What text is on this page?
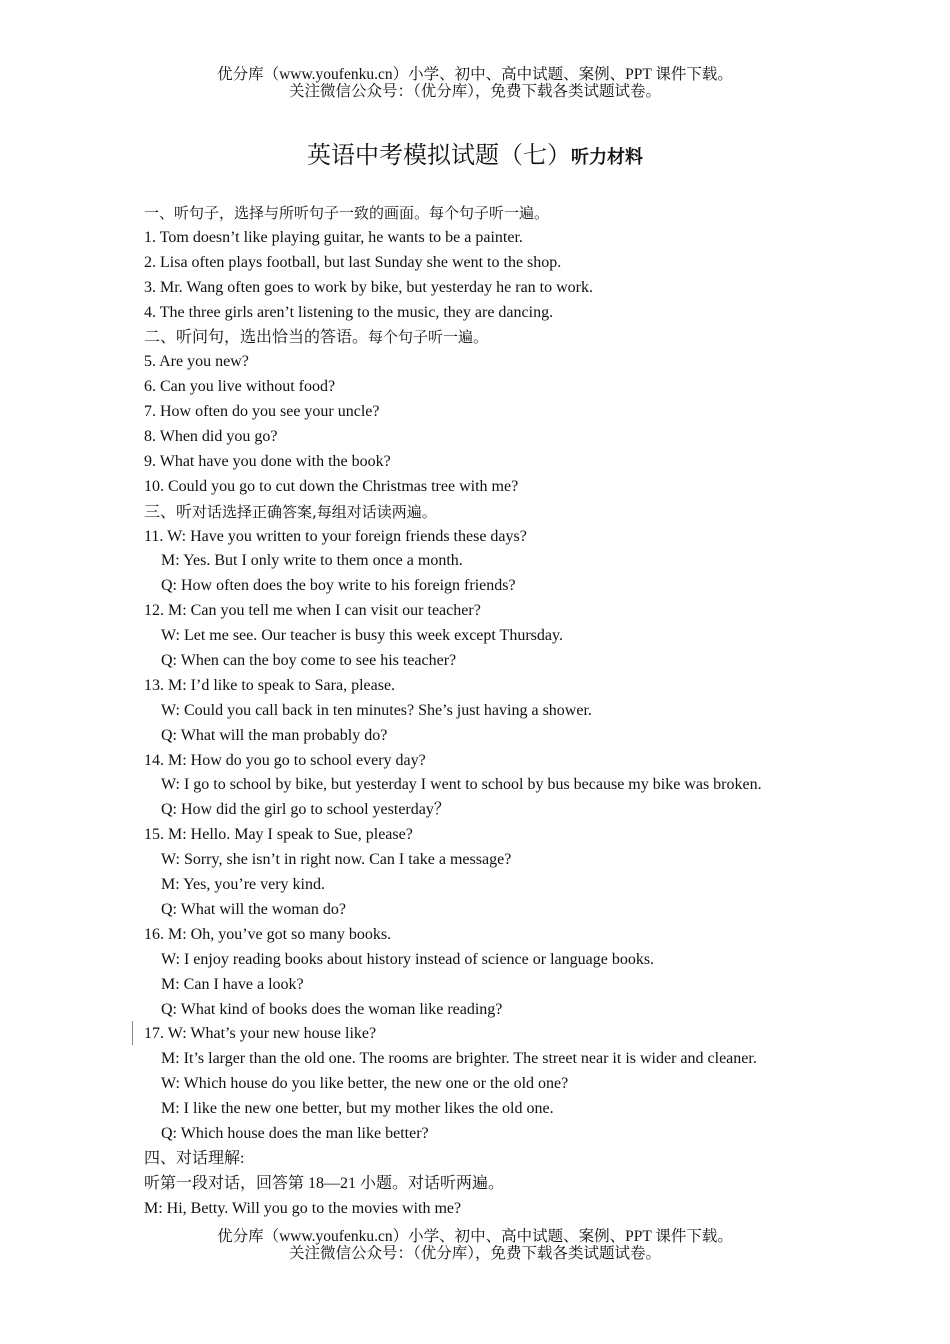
优分库（www.youfenku.cn）小学、初中、高中试题、案例、PPT 课件下载。
关注微信公众号：（优分库），免费下载各类试题试卷。
英语中考模拟试题（七）听力材料
一、听句子，选择与所听句子一致的画面。每个句子听一遍。
1. Tom doesn’t like playing guitar, he wants to be a painter.
2. Lisa often plays football, but last Sunday she went to the shop.
3. Mr. Wang often goes to work by bike, but yesterday he ran to work.
4. The three girls aren’t listening to the music, they are dancing.
二、听问句，选出恰当的答语。每个句子听一遍。
5. Are you new?
6. Can you live without food?
7. How often do you see your uncle?
8. When did you go?
9. What have you done with the book?
10. Could you go to cut down the Christmas tree with me?
三、听对话选择正确答案,每组对话读两遍。
11. W: Have you written to your foreign friends these days?
M: Yes. But I only write to them once a month.
Q: How often does the boy write to his foreign friends?
12. M: Can you tell me when I can visit our teacher?
W: Let me see. Our teacher is busy this week except Thursday.
Q: When can the boy come to see his teacher?
13. M: I’d like to speak to Sara, please.
W: Could you call back in ten minutes? She’s just having a shower.
Q: What will the man probably do?
14. M: How do you go to school every day?
W: I go to school by bike, but yesterday I went to school by bus because my bike was broken.
Q: How did the girl go to school yesterday？
15. M: Hello. May I speak to Sue, please?
W: Sorry, she isn’t in right now. Can I take a message?
M: Yes, you’re very kind.
Q: What will the woman do?
16. M: Oh, you’ve got so many books.
W: I enjoy reading books about history instead of science or language books.
M: Can I have a look?
Q: What kind of books does the woman like reading?
17. W: What’s your new house like?
M: It’s larger than the old one. The rooms are brighter. The street near it is wider and cleaner.
W: Which house do you like better, the new one or the old one?
M: I like the new one better, but my mother likes the old one.
Q: Which house does the man like better?
四、对话理解:
听第一段对话，回答第 18—21 小题。对话听两遍。
M: Hi, Betty. Will you go to the movies with me?
优分库（www.youfenku.cn）小学、初中、高中试题、案例、PPT 课件下载。
关注微信公众号：（优分库），免费下载各类试题试卷。
